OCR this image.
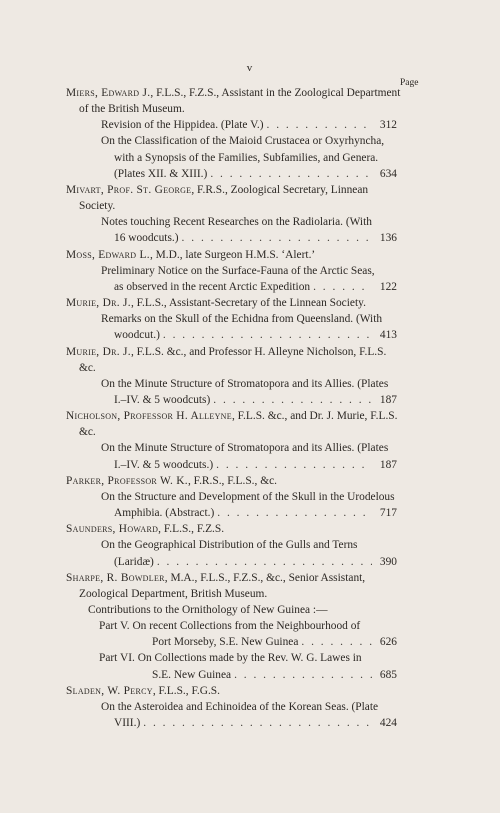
v
Page
Miers, Edward J., F.L.S., F.Z.S., Assistant in the Zoological Department of the British Museum.
Revision of the Hippidea. (Plate V.) . . .	312
On the Classification of the Maioid Crustacea or Oxyrhyncha,
with a Synopsis of the Families, Subfamilies, and Genera.
(Plates XII. & XIII.) . . .	634
Mivart, Prof. St. George, F.R.S., Zoological Secretary, Linnean Society.
Notes touching Recent Researches on the Radiolaria. (With
16 woodcuts.) . . .	136
Moss, Edward L., M.D., late Surgeon H.M.S. ‘Alert.’
Preliminary Notice on the Surface-Fauna of the Arctic Seas,
as observed in the recent Arctic Expedition . . .	122
Murie, Dr. J., F.L.S., Assistant-Secretary of the Linnean Society.
Remarks on the Skull of the Echidna from Queensland. (With
woodcut.) . . .	413
Murie, Dr. J., F.L.S. &c., and Professor H. Alleyne Nicholson, F.L.S. &c.
On the Minute Structure of Stromatopora and its Allies. (Plates
I.–IV. & 5 woodcuts) . . .	187
Nicholson, Professor H. Alleyne, F.L.S. &c., and Dr. J. Murie, F.L.S. &c.
On the Minute Structure of Stromatopora and its Allies. (Plates
I.–IV. & 5 woodcuts.) . . .	187
Parker, Professor W. K., F.R.S., F.L.S., &c.
On the Structure and Development of the Skull in the Urodelous
Amphibia. (Abstract.) . . .	717
Saunders, Howard, F.L.S., F.Z.S.
On the Geographical Distribution of the Gulls and Terns
(Laridæ) . . .	390
Sharpe, R. Bowdler, M.A., F.L.S., F.Z.S., &c., Senior Assistant, Zoological Department, British Museum.
Contributions to the Ornithology of New Guinea :—
Part V. On recent Collections from the Neighbourhood of
Port Morseby, S.E. New Guinea . . .	626
Part VI. On Collections made by the Rev. W. G. Lawes in
S.E. New Guinea . . .	685
Sladen, W. Percy, F.L.S., F.G.S.
On the Asteroidea and Echinoidea of the Korean Seas. (Plate
VIII.) . . .	424
